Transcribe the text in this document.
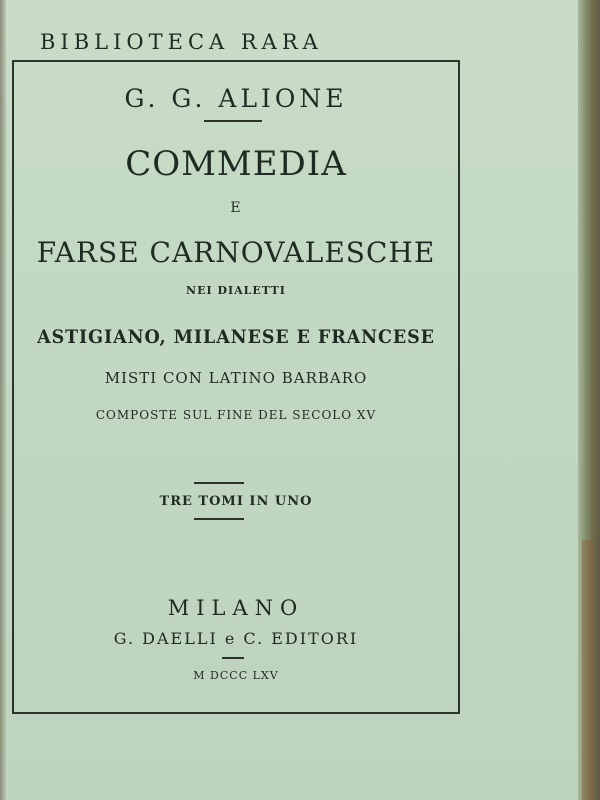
BIBLIOTECA RARA
G. G. ALIONE
COMMEDIA
E
FARSE CARNOVALESCHE
NEI DIALETTI
ASTIGIANO, MILANESE E FRANCESE
MISTI CON LATINO BARBARO
COMPOSTE SUL FINE DEL SECOLO XV
TRE TOMI IN UNO
MILANO
G. DAELLI e C. EDITORI
M DCCC LXV
